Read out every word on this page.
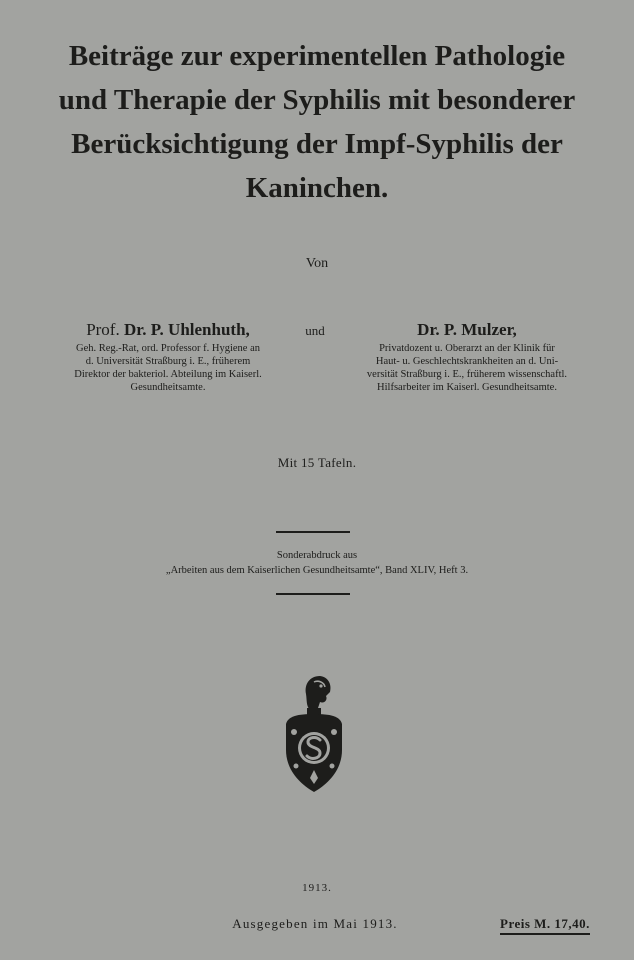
Beiträge zur experimentellen Pathologie
und Therapie der Syphilis mit besonderer
Berücksichtigung der Impf-Syphilis der
Kaninchen.
Von
Prof. Dr. P. Uhlenhuth,
Geh. Reg.-Rat, ord. Professor f. Hygiene an
d. Universität Straßburg i. E., früherem
Direktor der bakteriol. Abteilung im Kaiserl.
Gesundheitsamte.
und	Dr. P. Mulzer,
Privatdozent u. Oberarzt an der Klinik für
Haut- u. Geschlechtskrankheiten an d. Uni-
versität Straßburg i. E., früherem wissenschaftl.
Hilfsarbeiter im Kaiserl. Gesundheitsamte.
Mit 15 Tafeln.
Sonderabdruck aus
„Arbeiten aus dem Kaiserlichen Gesundheitsamte“, Band XLIV, Heft 3.
1913.
Ausgegeben im Mai 1913.	Preis M. 17,40.
